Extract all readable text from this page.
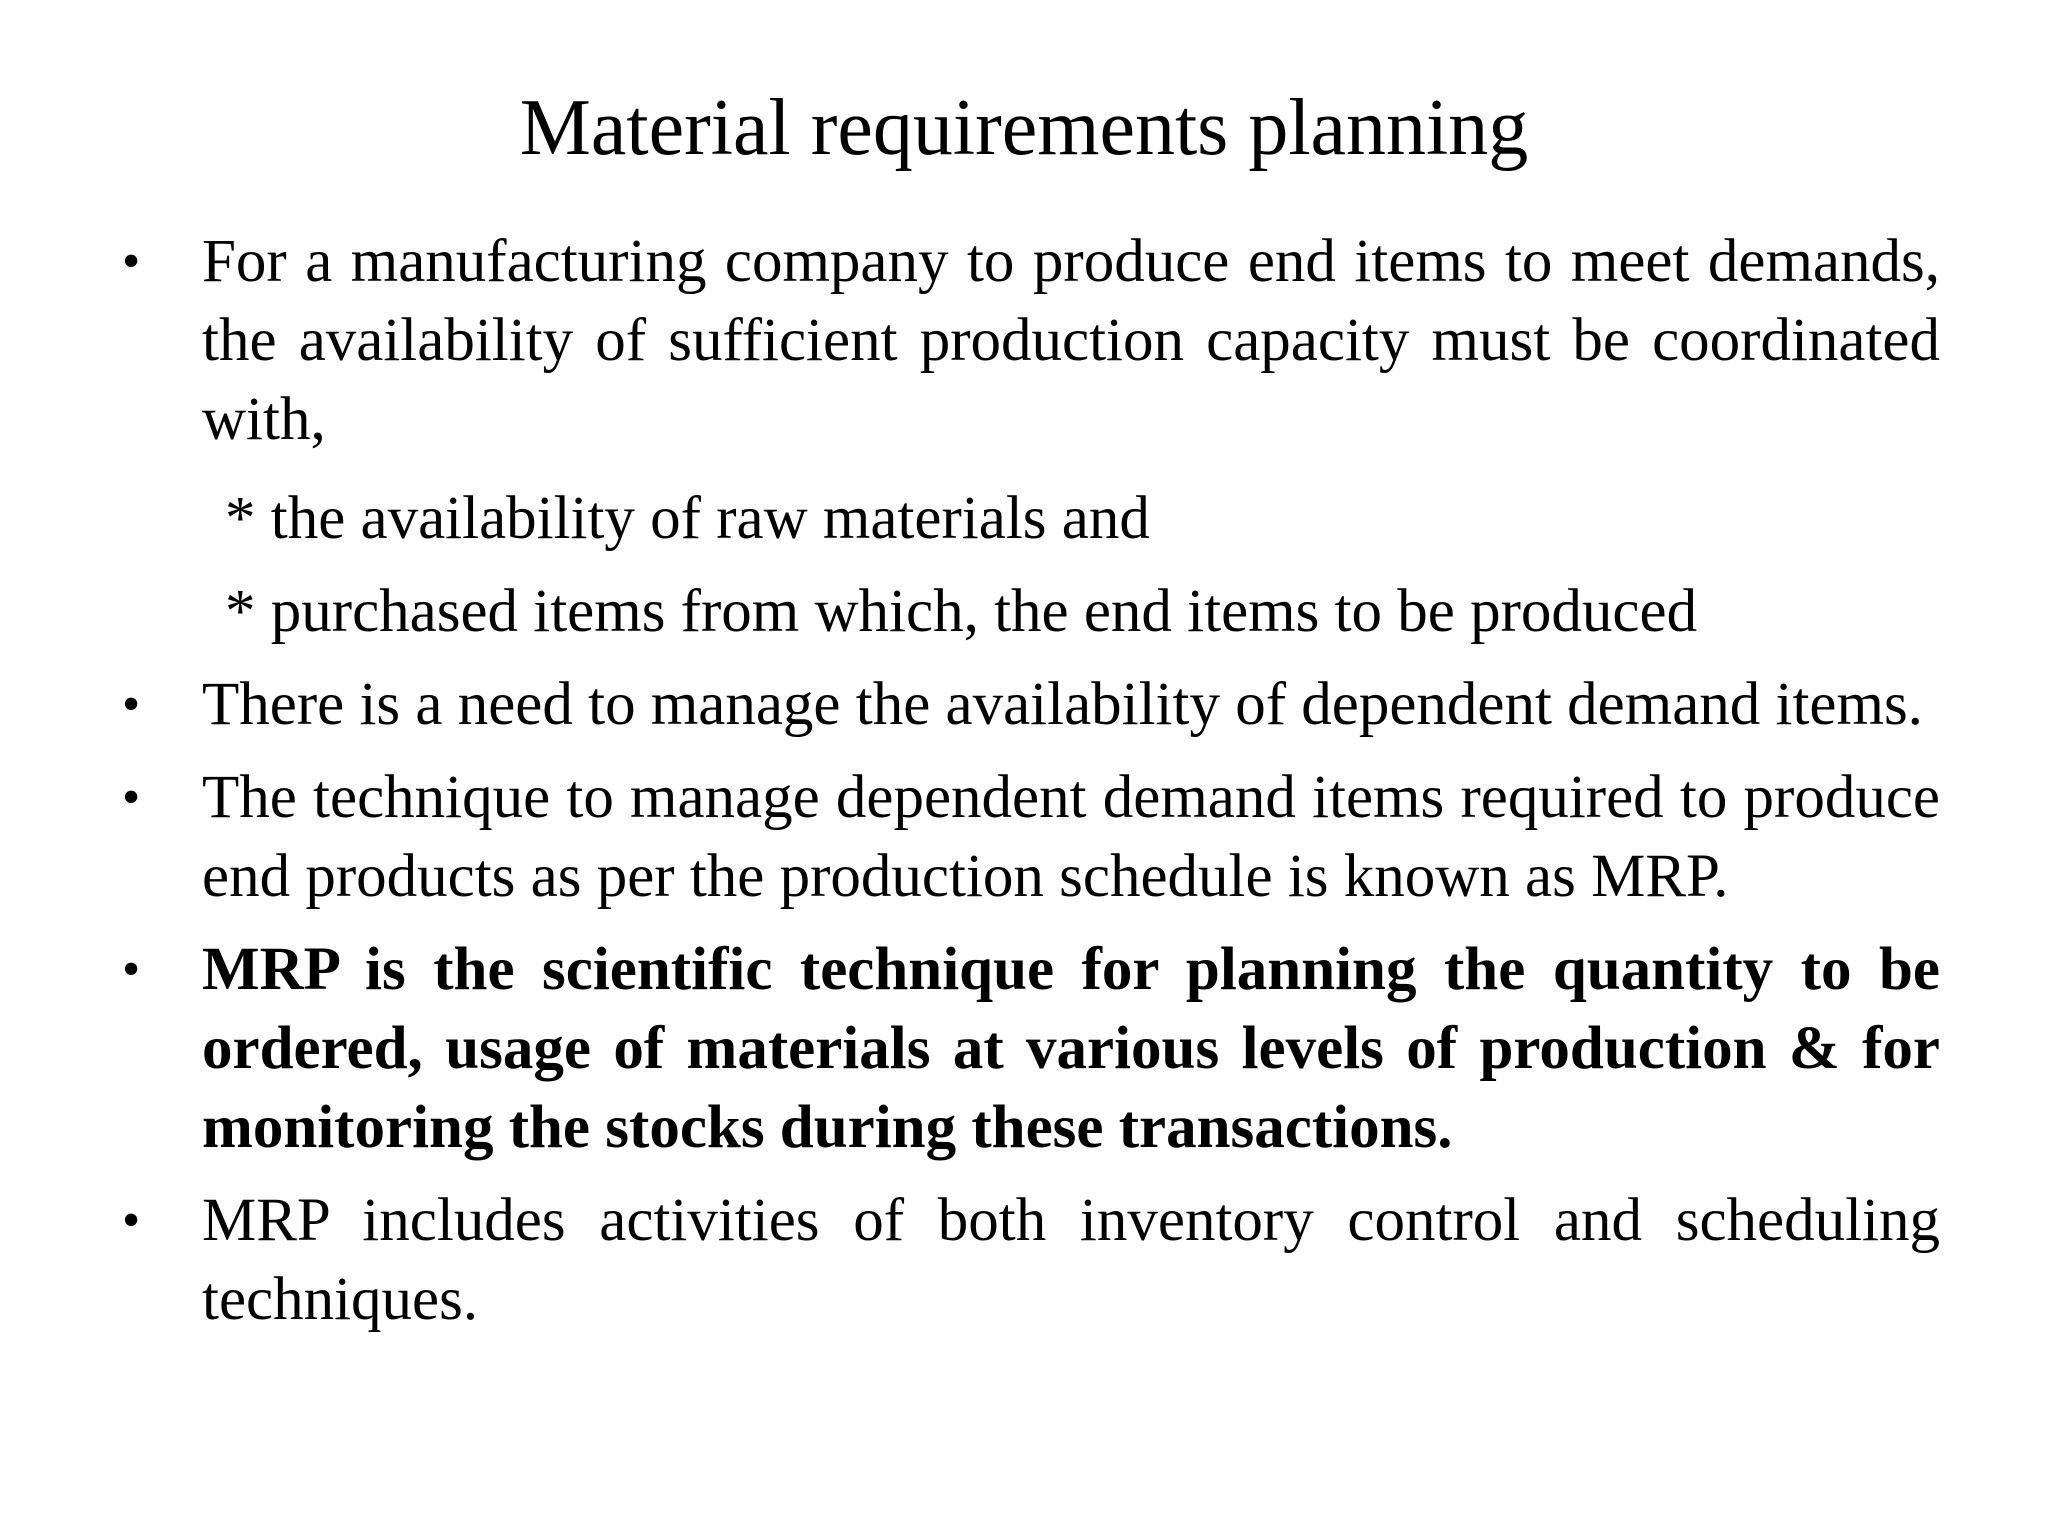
Material requirements planning
• For a manufacturing company to produce end items to meet demands, the availability of sufficient production capacity must be coordinated with,
* the availability of raw materials and
* purchased items from which, the end items to be produced
• There is a need to manage the availability of dependent demand items.
• The technique to manage dependent demand items required to produce end products as per the production schedule is known as MRP.
• MRP is the scientific technique for planning the quantity to be ordered, usage of materials at various levels of production & for monitoring the stocks during these transactions.
• MRP includes activities of both inventory control and scheduling techniques.
